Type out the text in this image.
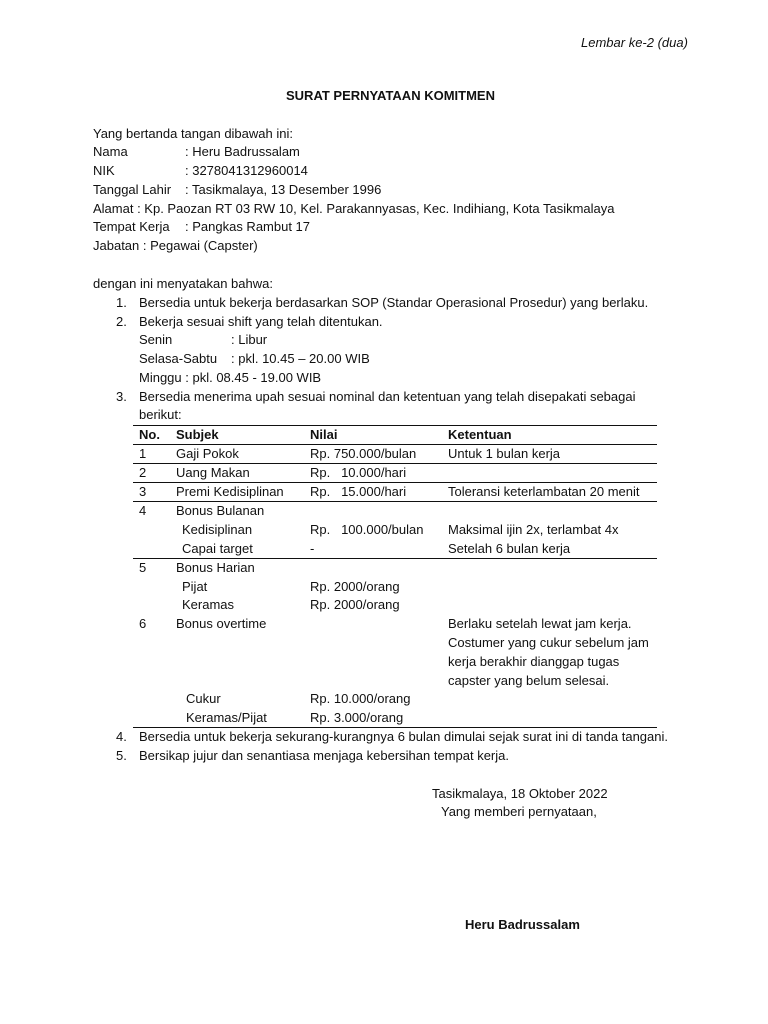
Lembar ke-2 (dua)
SURAT PERNYATAAN KOMITMEN
Yang bertanda tangan dibawah ini:
Nama	: Heru Badrussalam
NIK	: 3278041312960014
Tanggal Lahir : Tasikmalaya, 13 Desember 1996
Alamat : Kp. Paozan RT 03 RW 10, Kel. Parakannyasas, Kec. Indihiang, Kota Tasikmalaya
Tempat Kerja : Pangkas Rambut 17
Jabatan : Pegawai (Capster)
dengan ini menyatakan bahwa:
1. Bersedia untuk bekerja berdasarkan SOP (Standar Operasional Prosedur) yang berlaku.
2. Bekerja sesuai shift yang telah ditentukan.
Senin	: Libur
Selasa-Sabtu : pkl. 10.45 – 20.00 WIB
Minggu : pkl. 08.45 - 19.00 WIB
3. Bersedia menerima upah sesuai nominal dan ketentuan yang telah disepakati sebagai
berikut:
No. Subjek	Nilai	Ketentuan
1 Gaji Pokok	Rp. 750.000/bulan Untuk 1 bulan kerja
2 Uang Makan	Rp.   10.000/hari
3 Premi Kedisiplinan Rp.   15.000/hari	Toleransi keterlambatan 20 menit
4 Bonus Bulanan
Kedisiplinan	Rp.   100.000/bulan Maksimal ijin 2x, terlambat 4x
Capai target	-	Setelah 6 bulan kerja
5 Bonus Harian
Pijat	Rp. 2000/orang
Keramas	Rp. 2000/orang
6 Bonus overtime	Berlaku setelah lewat jam kerja.
Costumer yang cukur sebelum jam
kerja berakhir dianggap tugas
capster yang belum selesai.
Cukur	Rp. 10.000/orang
Keramas/Pijat	Rp. 3.000/orang
4. Bersedia untuk bekerja sekurang-kurangnya 6 bulan dimulai sejak surat ini di tanda tangani.
5. Bersikap jujur dan senantiasa menjaga kebersihan tempat kerja.
Tasikmalaya, 18 Oktober 2022
Yang memberi pernyataan,
Heru Badrussalam
